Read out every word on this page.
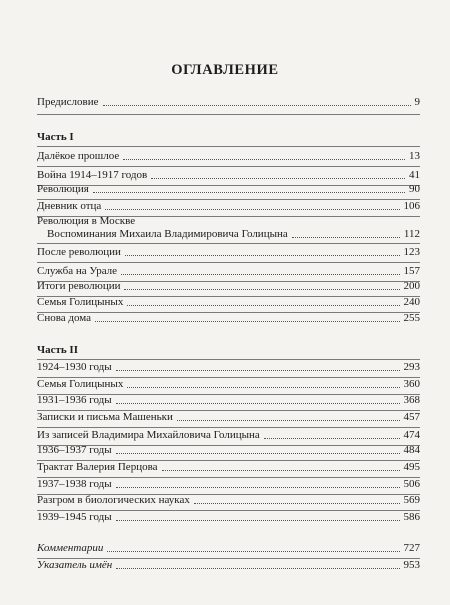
ОГЛАВЛЕНИЕ
Предисловие	9
Часть I
Далёкое прошлое	13
Война 1914–1917 годов	41
Революция	90
Дневник отца	106
Революция в Москве
Воспоминания Михаила Владимировича Голицына	112
После революции	123
Служба на Урале	157
Итоги революции	200
Семья Голицыных	240
Снова дома	255
Часть II
1924–1930 годы	293
Семья Голицыных	360
1931–1936 годы	368
Записки и письма Машеньки	457
Из записей Владимира Михайловича Голицына	474
1936–1937 годы	484
Трактат Валерия Перцова	495
1937–1938 годы	506
Разгром в биологических науках	569
1939–1945 годы	586
Комментарии	727
Указатель имён	953
